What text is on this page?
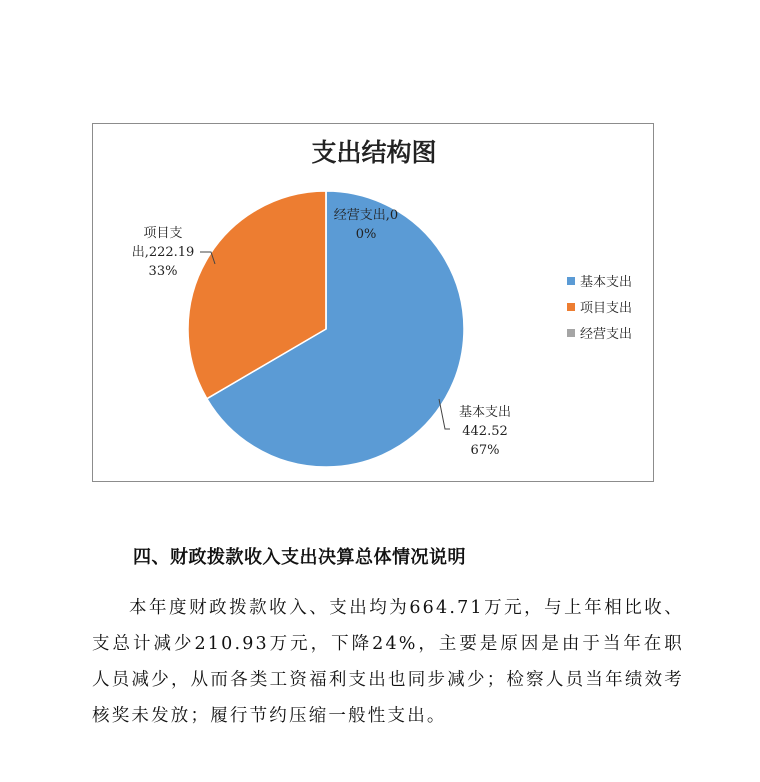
支出结构图
项目支
出,222.19
33%
经营支出,0
0%
基本支出
442.52
67%
基本支出
项目支出
经营支出
四、财政拨款收入支出决算总体情况说明

本年度财政拨款收入、支出均为664.71万元，与上年相比收、支总计减少210.93万元，下降24%，主要是原因是由于当年在职人员减少，从而各类工资福利支出也同步减少；检察人员当年绩效考核奖未发放；履行节约压缩一般性支出。
